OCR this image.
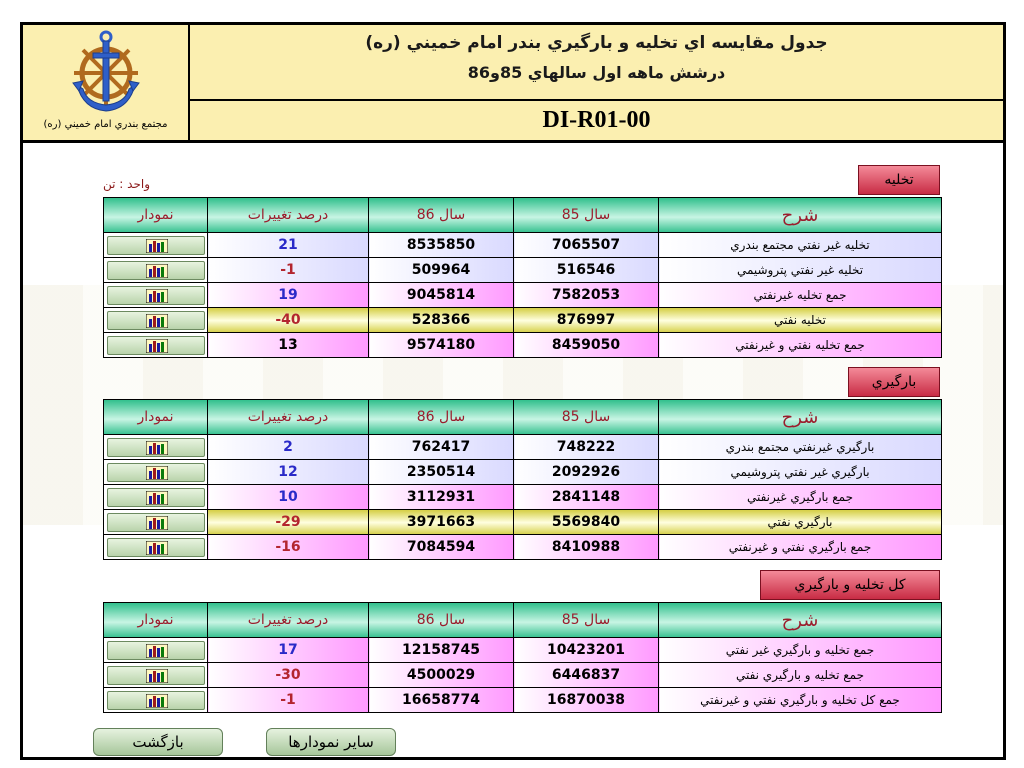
مجتمع بندري امام خميني (ره)
جدول مقايسه اي تخليه و بارگيري بندر امام خميني (ره)
درشش ماهه اول سالهاي 85و86
DI-R01-00
واحد : تن	تخليه
نمودار	درصد تغييرات	سال 86	سال 85	شرح

	21	8535850	7065507	تخليه غير نفتي مجتمع بندري

	-1	509964	516546	تخليه غير نفتي پتروشيمي

	19	9045814	7582053	جمع تخليه غيرنفتي

	-40	528366	876997	تخليه نفتي

	13	9574180	8459050	جمع تخليه نفتي و غيرنفتي
بارگيري
نمودار	درصد تغييرات	سال 86	سال 85	شرح

	2	762417	748222	بارگيري غيرنفتي مجتمع بندري

	12	2350514	2092926	بارگيري غير نفتي پتروشيمي

	10	3112931	2841148	جمع بارگيري غيرنفتي

	-29	3971663	5569840	بارگيري نفتي

	-16	7084594	8410988	جمع بارگيري نفتي و غيرنفتي
كل تخليه و بارگيري
نمودار	درصد تغييرات	سال 86	سال 85	شرح

	17	12158745	10423201	جمع تخليه و بارگيري غير نفتي

	-30	4500029	6446837	جمع تخليه و بارگيري نفتي

	-1	16658774	16870038	جمع كل تخليه و بارگيري نفتي و غيرنفتي
بازگشت	ساير نمودارها
